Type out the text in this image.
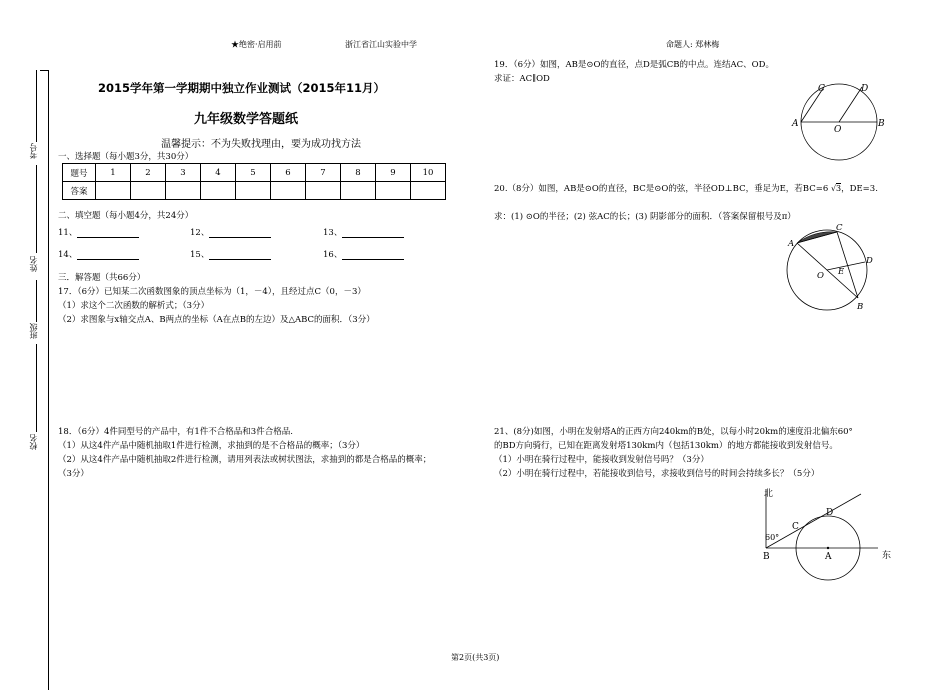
考号
姓名
班级
校名
★绝密·启用前	浙江省江山实验中学	命题人: 郑林梅
2015学年第一学期期中独立作业测试（2015年11月）
九年级数学答题纸
温馨提示：不为失败找理由，要为成功找方法
一、选择题（每小题3分，共30分）
题号	1	2	3	4	5	6	7	8	9	10
答案										
二、填空题（每小题4分，共24分）
11、	12、	13、
14、	15、	16、
三．解答题（共66分）
17．（6分）已知某二次函数图象的顶点坐标为（1，－4），且经过点C（0，－3）
（1）求这个二次函数的解析式；（3分）
（2）求图象与x轴交点A、B两点的坐标（A在点B的左边）及△ABC的面积．（3分）
18．（6分）4件同型号的产品中，有1件不合格品和3件合格品.
（1）从这4件产品中随机抽取1件进行检测，求抽到的是不合格品的概率；（3分）
（2）从这4件产品中随机抽取2件进行检测，请用列表法或树状图法，求抽到的都是合格品的概率；
（3分）
19．（6分）如图，AB是⊙O的直径，点D是弧CB的中点。连结AC、OD。
求证：AC∥OD
20.（8分）如图，AB是⊙O的直径，BC是⊙O的弦，半径OD⊥BC，垂足为E，若BC=6 √3，DE=3.
求：(1) ⊙O的半径；(2) 弦AC的长；(3) 阴影部分的面积．（答案保留根号及π）
21、(8分)如图，小明在发射塔A的正西方向240km的B处，以每小时20km的速度沿北偏东60°
的BD方向骑行，已知在距离发射塔130km内（包括130km）的地方都能接收到发射信号。
（1）小明在骑行过程中，能接收到发射信号吗？（3分）
（2）小明在骑行过程中，若能接收到信号，求接收到信号的时间会持续多长？（5分）
C	D
A
O
B
C
A
E
D
O
B
北
D
C
60°
B	A	东
第2页(共3页)
